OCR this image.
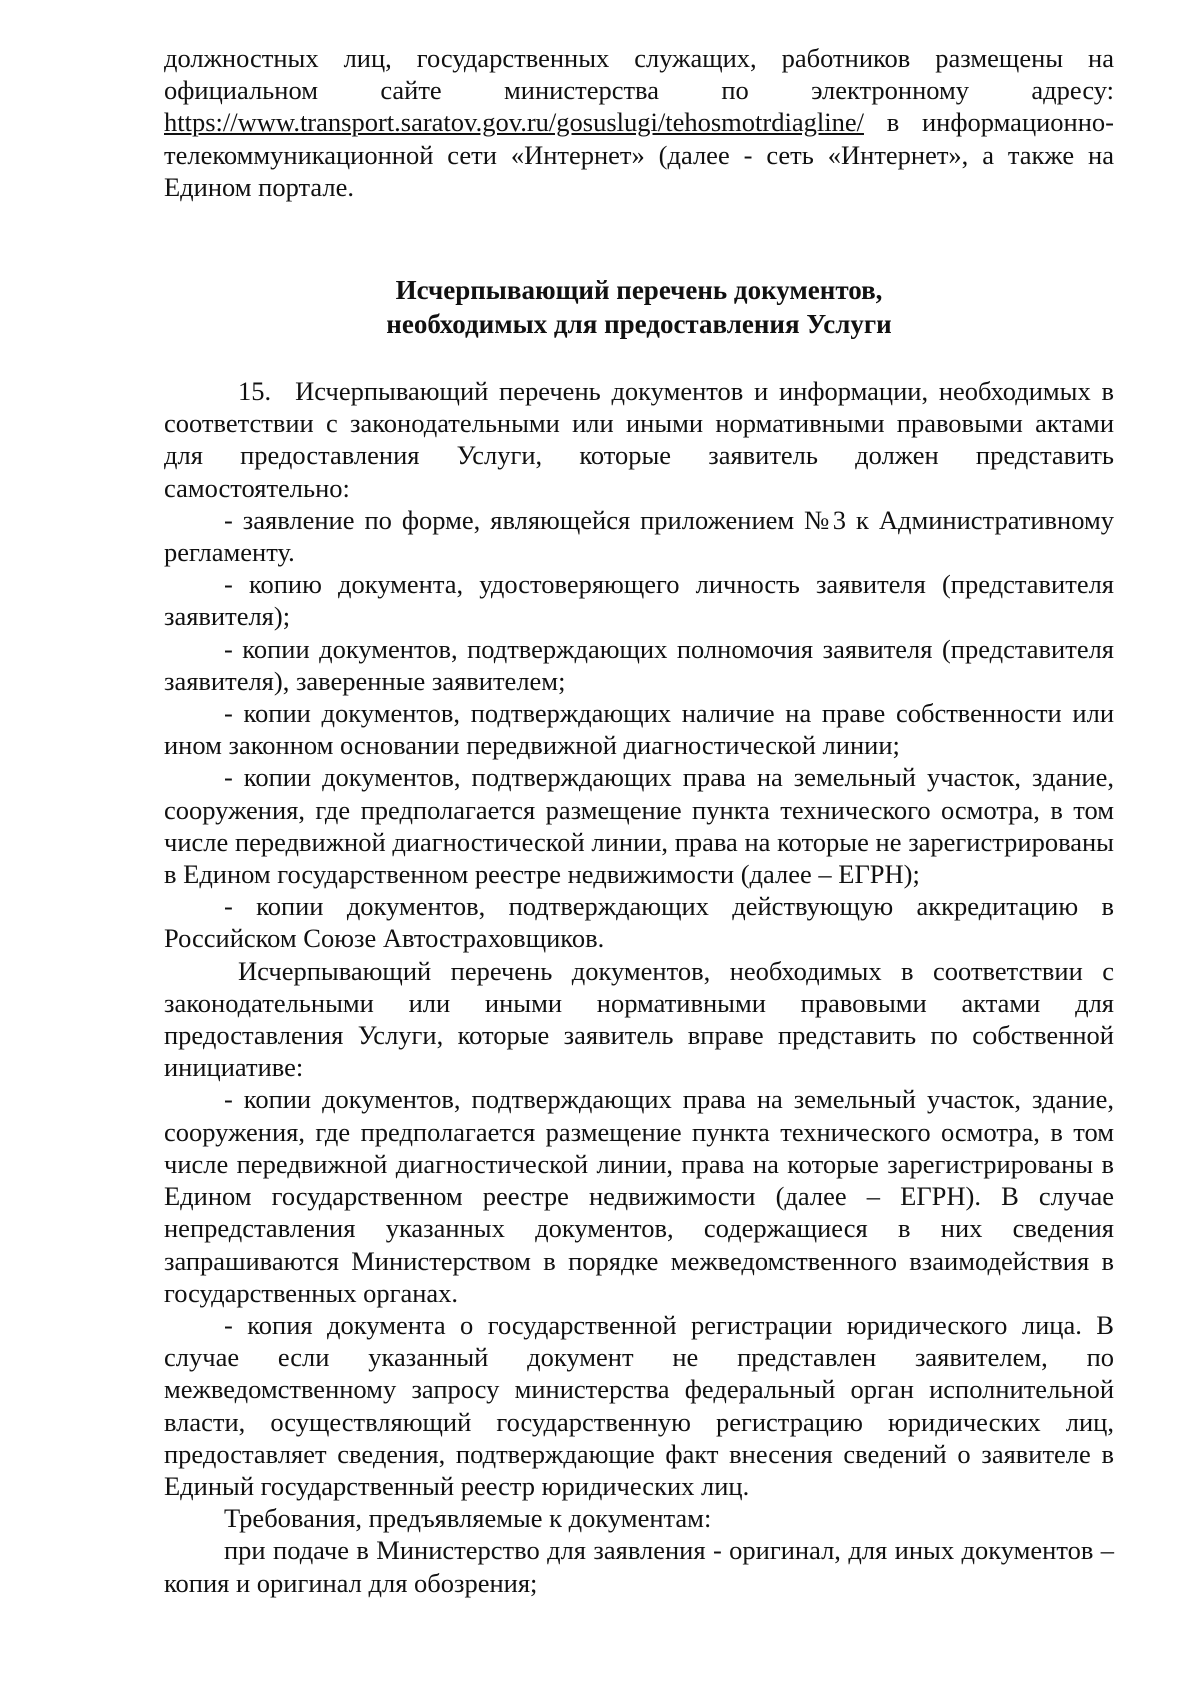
должностных лиц, государственных служащих, работников размещены на официальном сайте министерства по электронному адресу: https://www.transport.saratov.gov.ru/gosuslugi/tehosmotrdiagline/ в информационно-телекоммуникационной сети «Интернет» (далее - сеть «Интернет», а также на Едином портале.

Исчерпывающий перечень документов,
необходимых для предоставления Услуги

15. Исчерпывающий перечень документов и информации, необходимых в соответствии с законодательными или иными нормативными правовыми актами для предоставления Услуги, которые заявитель должен представить самостоятельно:

- заявление по форме, являющейся приложением №3 к Административному регламенту.

- копию документа, удостоверяющего личность заявителя (представителя заявителя);

- копии документов, подтверждающих полномочия заявителя (представителя заявителя), заверенные заявителем;

- копии документов, подтверждающих наличие на праве собственности или ином законном основании передвижной диагностической линии;

- копии документов, подтверждающих права на земельный участок, здание, сооружения, где предполагается размещение пункта технического осмотра, в том числе передвижной диагностической линии, права на которые не зарегистрированы в Едином государственном реестре недвижимости (далее – ЕГРН);

- копии документов, подтверждающих действующую аккредитацию в Российском Союзе Автостраховщиков.

Исчерпывающий перечень документов, необходимых в соответствии с законодательными или иными нормативными правовыми актами для предоставления Услуги, которые заявитель вправе представить по собственной инициативе:

- копии документов, подтверждающих права на земельный участок, здание, сооружения, где предполагается размещение пункта технического осмотра, в том числе передвижной диагностической линии, права на которые зарегистрированы в Едином государственном реестре недвижимости (далее – ЕГРН). В случае непредставления указанных документов, содержащиеся в них сведения запрашиваются Министерством в порядке межведомственного взаимодействия в государственных органах.

- копия документа о государственной регистрации юридического лица. В случае если указанный документ не представлен заявителем, по межведомственному запросу министерства федеральный орган исполнительной власти, осуществляющий государственную регистрацию юридических лиц, предоставляет сведения, подтверждающие факт внесения сведений о заявителе в Единый государственный реестр юридических лиц.

Требования, предъявляемые к документам:

при подаче в Министерство для заявления - оригинал, для иных документов – копия и оригинал для обозрения;
